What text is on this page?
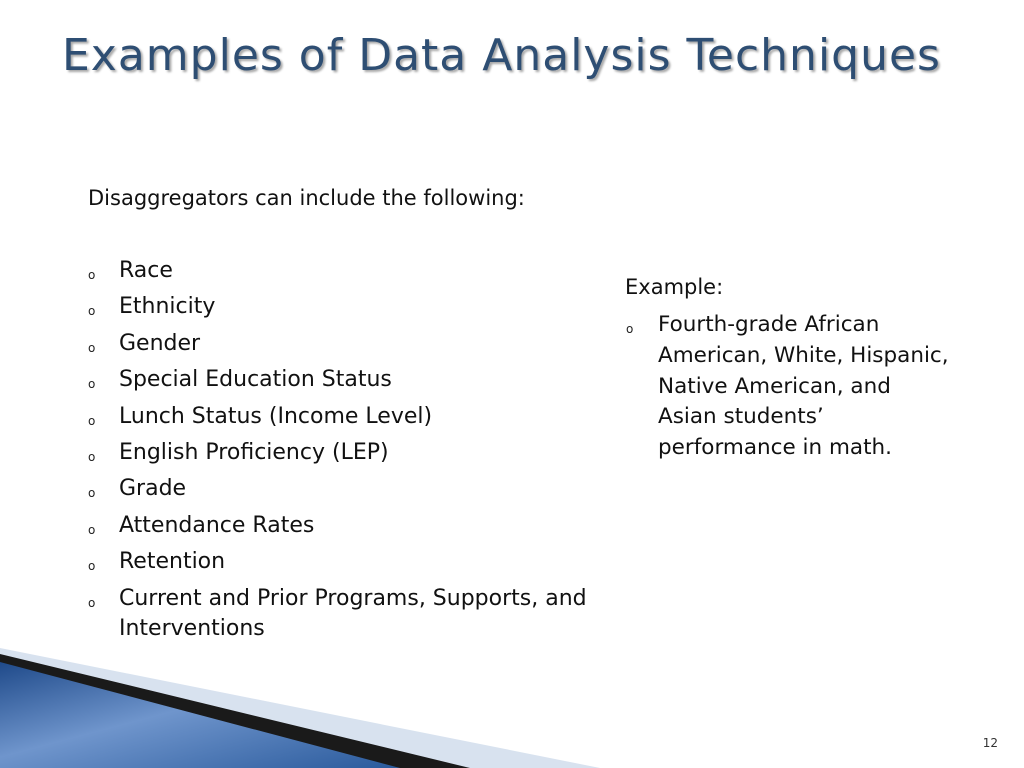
Examples of Data Analysis Techniques

Disaggregators can include the following:

o Race
o Ethnicity
o Gender
o Special Education Status
o Lunch Status (Income Level)
o English Proficiency (LEP)
o Grade
o Attendance Rates
o Retention
o Current and Prior Programs, Supports, and Interventions

Example:

o Fourth-grade African American, White, Hispanic, Native American, and Asian students’ performance in math.
12
